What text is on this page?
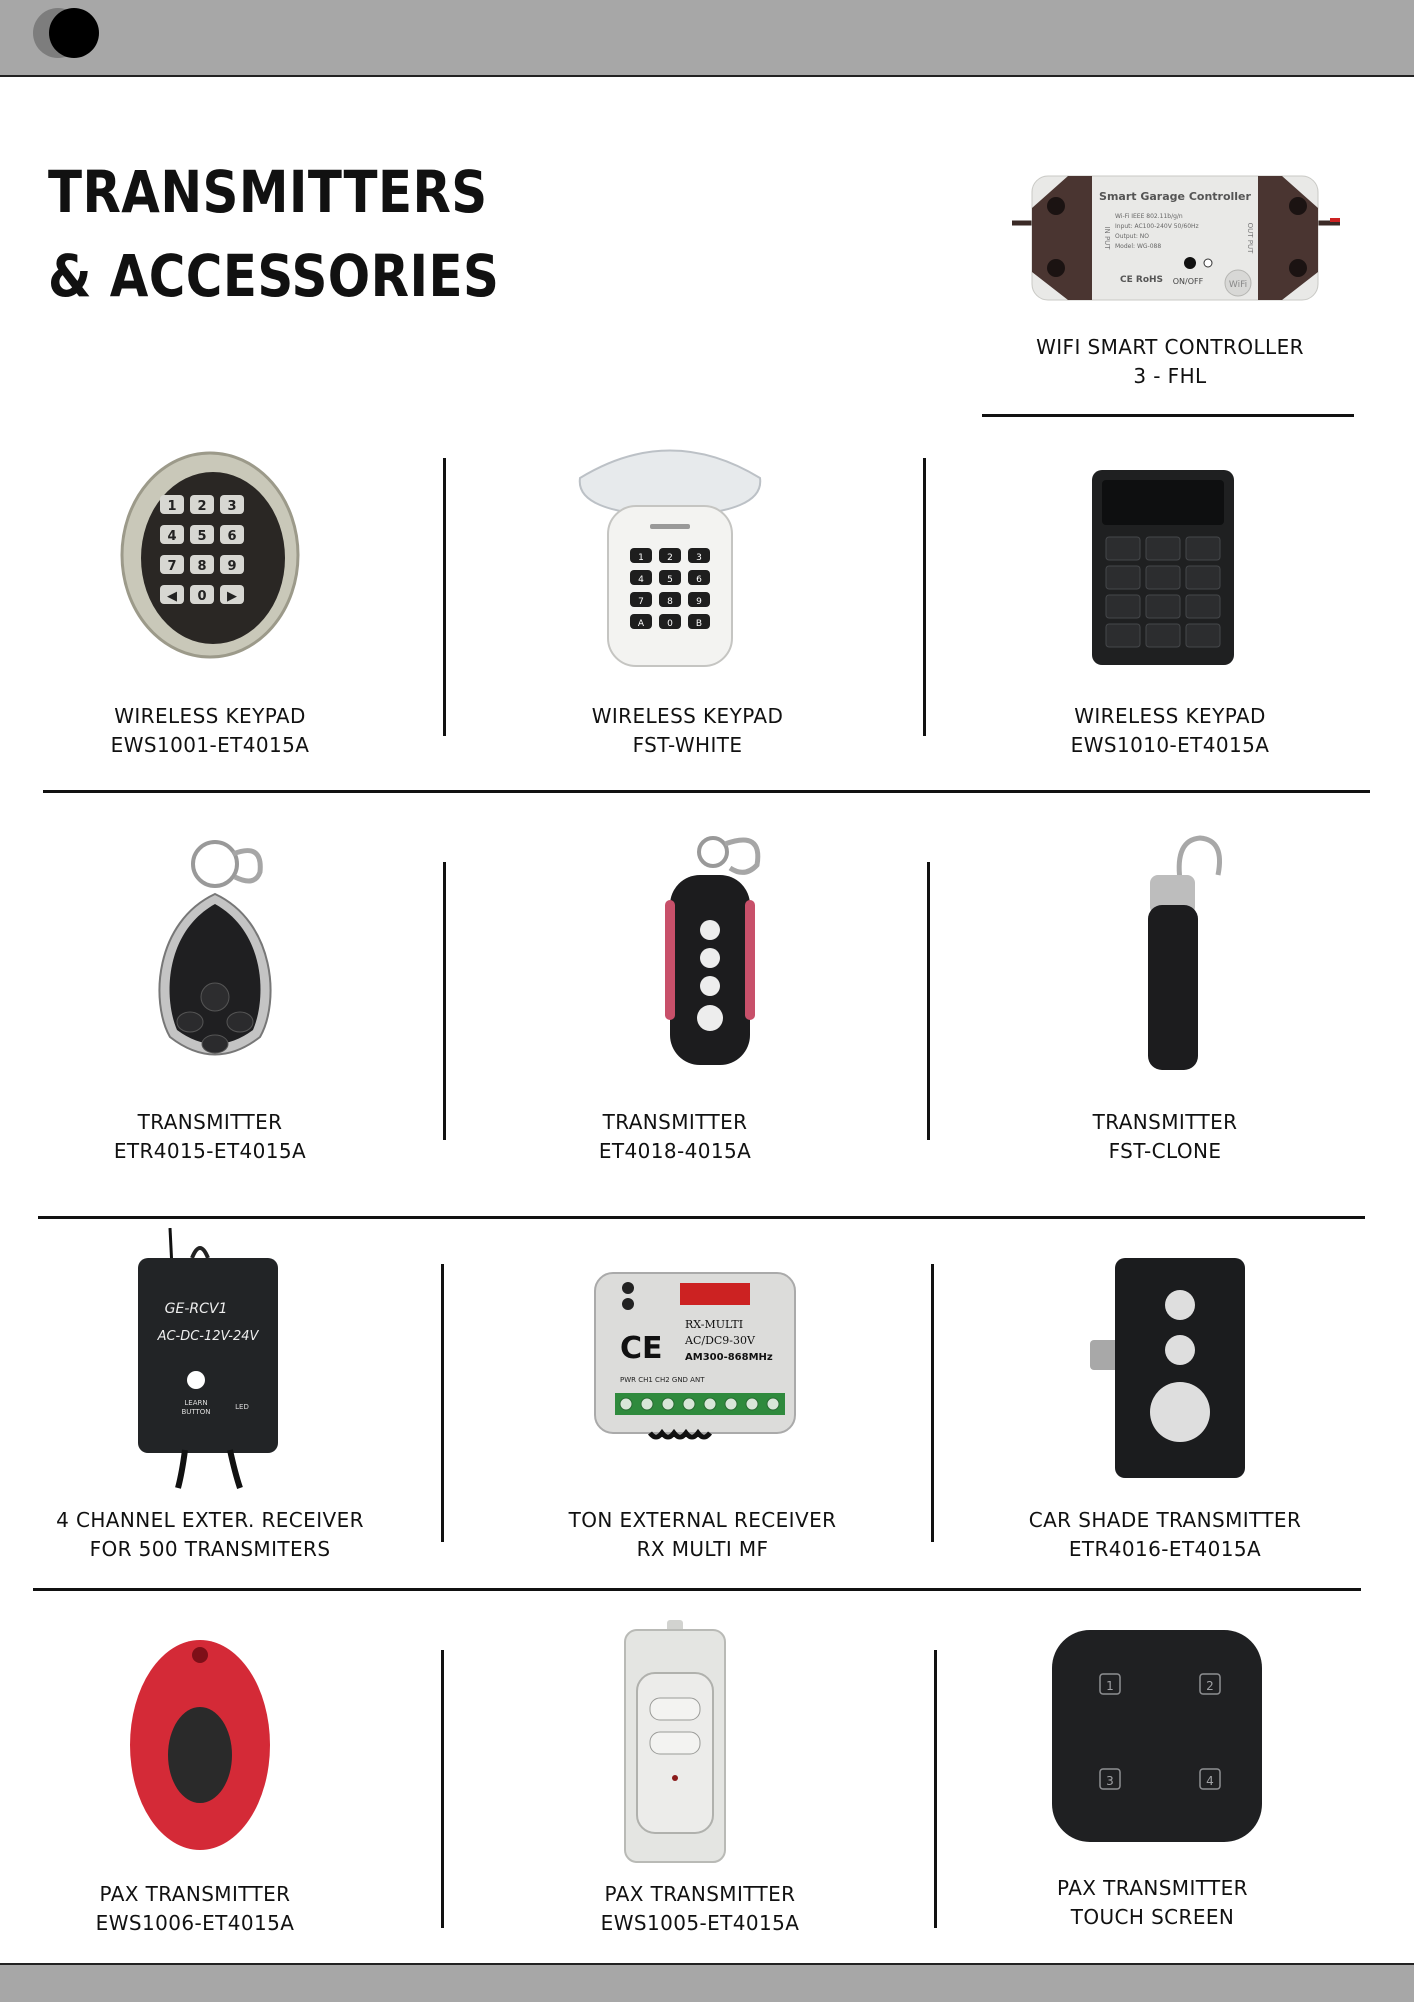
TRANSMITTERS
& ACCESSORIES
Smart Garage Controller
Wi-Fi IEEE 802.11b/g/n
Input: AC100-240V 50/60Hz
Output: NO
Model: WG-088
IN PUT	OUT PUT
ON/OFF
CE RoHS	WiFi
WIFI SMART CONTROLLER
3 - FHL
1 2 3
4 5 6
7 8 9
◀ 0 ▶
WIRELESS KEYPAD
EWS1001-ET4015A
1	2	3
4	5	6
7	8	9
A	0	B
WIRELESS KEYPAD
FST-WHITE
WIRELESS KEYPAD
EWS1010-ET4015A
TRANSMITTER
ETR4015-ET4015A
TRANSMITTER
ET4018-4015A
TRANSMITTER
FST-CLONE
GE-RCV1
AC-DC-12V-24V
LEARN
BUTTON
LED
4 CHANNEL EXTER. RECEIVER
FOR 500 TRANSMITERS
CE
RX-MULTI
AC/DC9-30V
AM300-868MHz
PWR CH1 CH2 GND ANT
TON EXTERNAL RECEIVER
RX MULTI MF
CAR SHADE TRANSMITTER
ETR4016-ET4015A
PAX TRANSMITTER
EWS1006-ET4015A
PAX TRANSMITTER
EWS1005-ET4015A
1	2
3	4
PAX TRANSMITTER
TOUCH SCREEN
